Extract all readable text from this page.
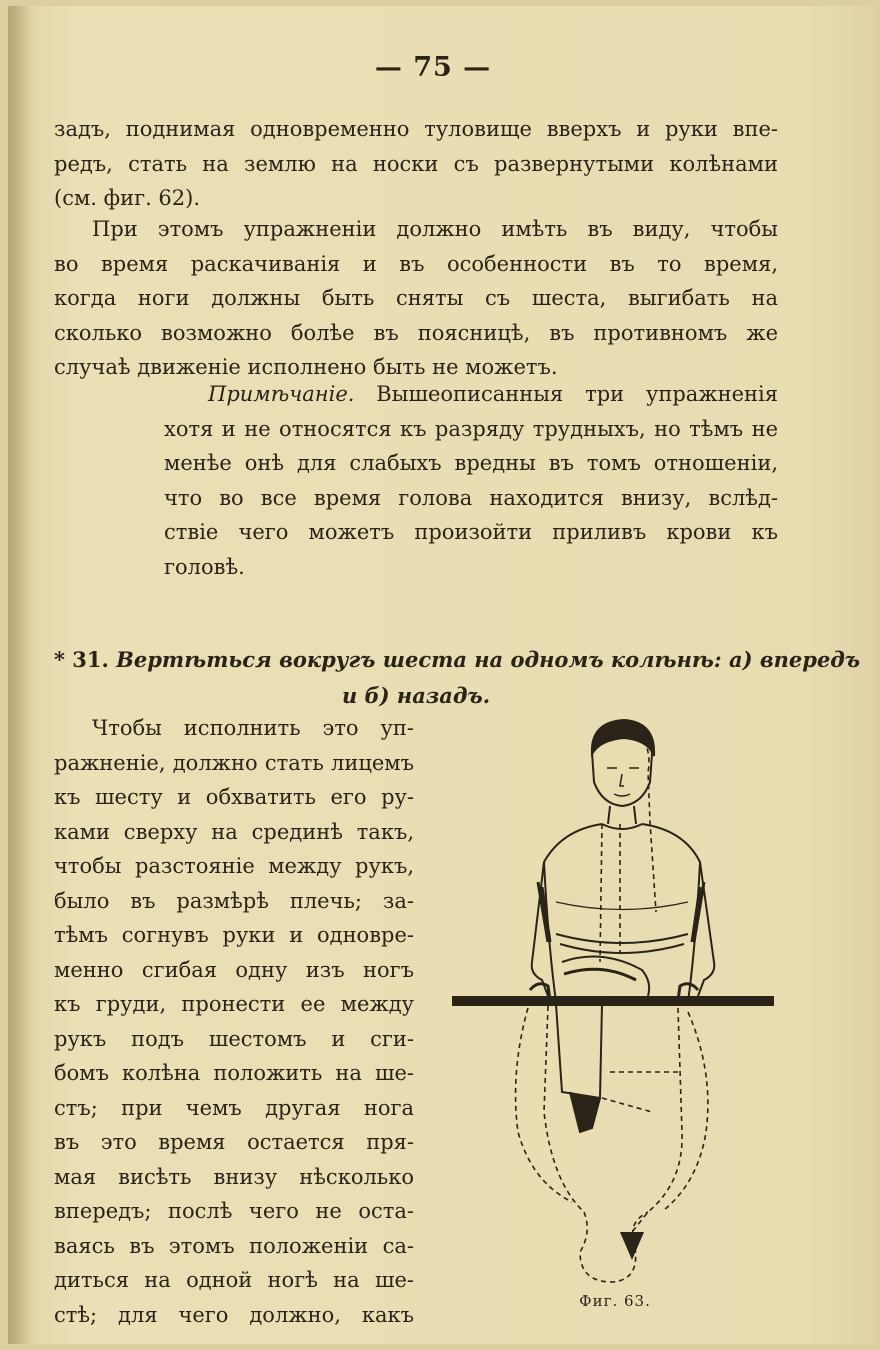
— 75 —
задъ, поднимая одновременно туловище вверхъ и руки впе-
редъ, стать на землю на носки съ развернутыми колѣнами
(см. фиг. 62).
При этомъ упражненіи должно имѣть въ виду, чтобы
во время раскачиванія и въ особенности въ то время,
когда ноги должны быть сняты съ шеста, выгибать на
сколько возможно болѣе въ поясницѣ, въ противномъ же
случаѣ движеніе исполнено быть не можетъ.
Примѣчаніе. Вышеописанныя три упражненія
хотя и не относятся къ разряду трудныхъ, но тѣмъ не
менѣе онѣ для слабыхъ вредны въ томъ отношеніи,
что во все время голова находится внизу, вслѣд-
ствіе чего можетъ произойти приливъ крови къ
головѣ.
* 31. Вертѣться вокругъ шеста на одномъ колѣнѣ: а) впередъ
и б) назадъ.
Чтобы исполнить это уп-
ражненіе, должно стать лицемъ
къ шесту и обхватить его ру-
ками сверху на срединѣ такъ,
чтобы разстояніе между рукъ,
было въ размѣрѣ плечь; за-
тѣмъ согнувъ руки и одновре-
менно сгибая одну изъ ногъ
къ груди, пронести ее между
рукъ подъ шестомъ и сги-
бомъ колѣна положить на ше-
стъ; при чемъ другая нога
въ это время остается пря-
мая висѣть внизу нѣсколько
впередъ; послѣ чего не оста-
ваясь въ этомъ положеніи са-
диться на одной ногѣ на ше-
стѣ; для чего должно, какъ
Фиг. 63.
